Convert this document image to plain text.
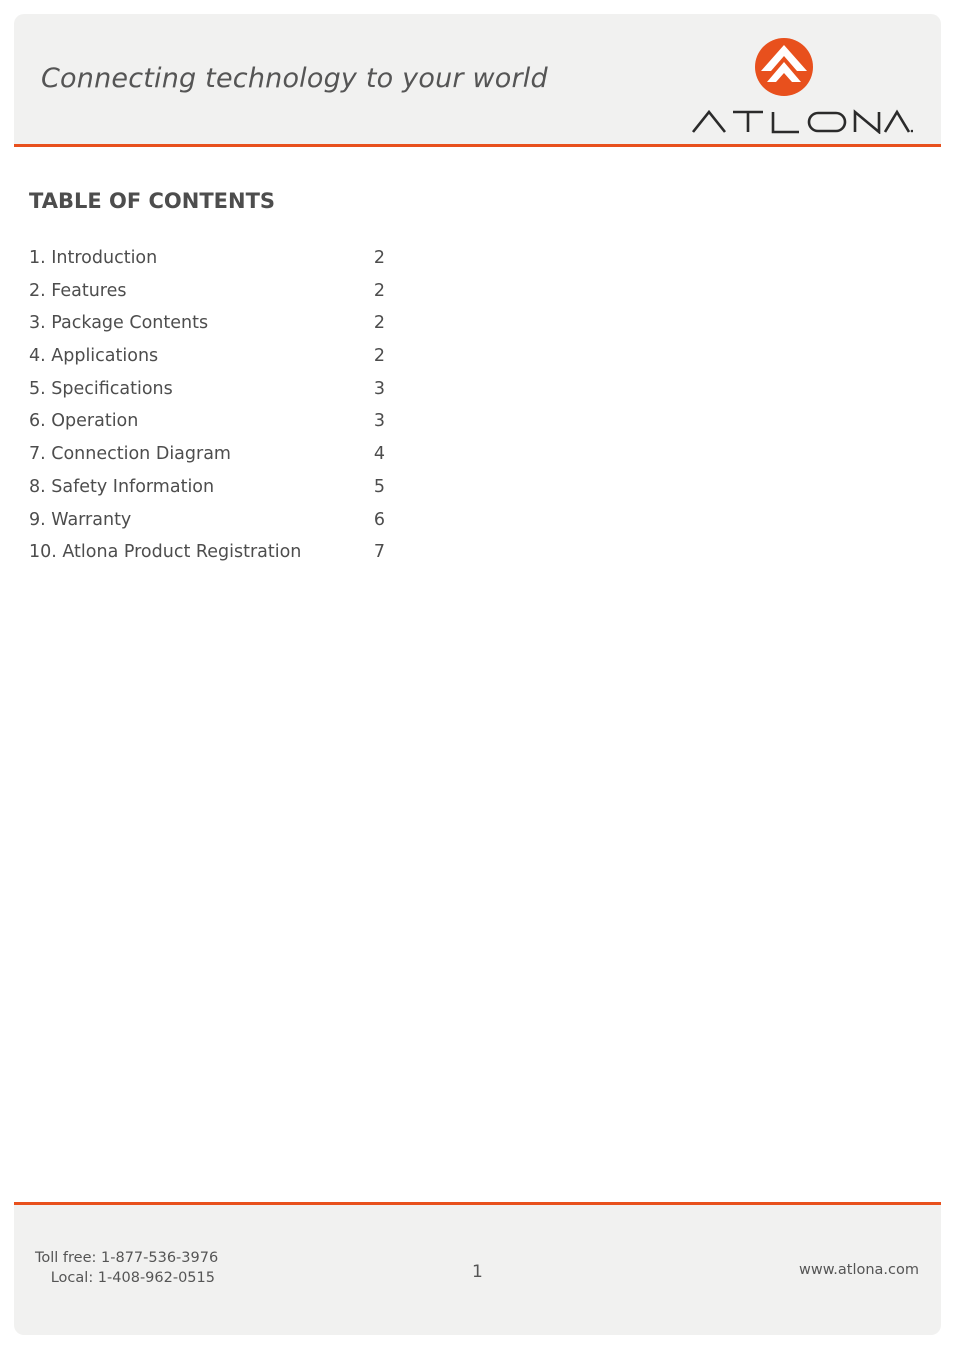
Connecting technology to your world
TABLE OF CONTENTS
1. Introduction	2
2. Features	2
3. Package Contents	2
4. Applications	2
5. Specifications	3
6. Operation	3
7. Connection Diagram	4
8. Safety Information	5
9. Warranty	6
10. Atlona Product Registration	7
Toll free: 1-877-536-3976
Local: 1-408-962-0515	1	www.atlona.com
